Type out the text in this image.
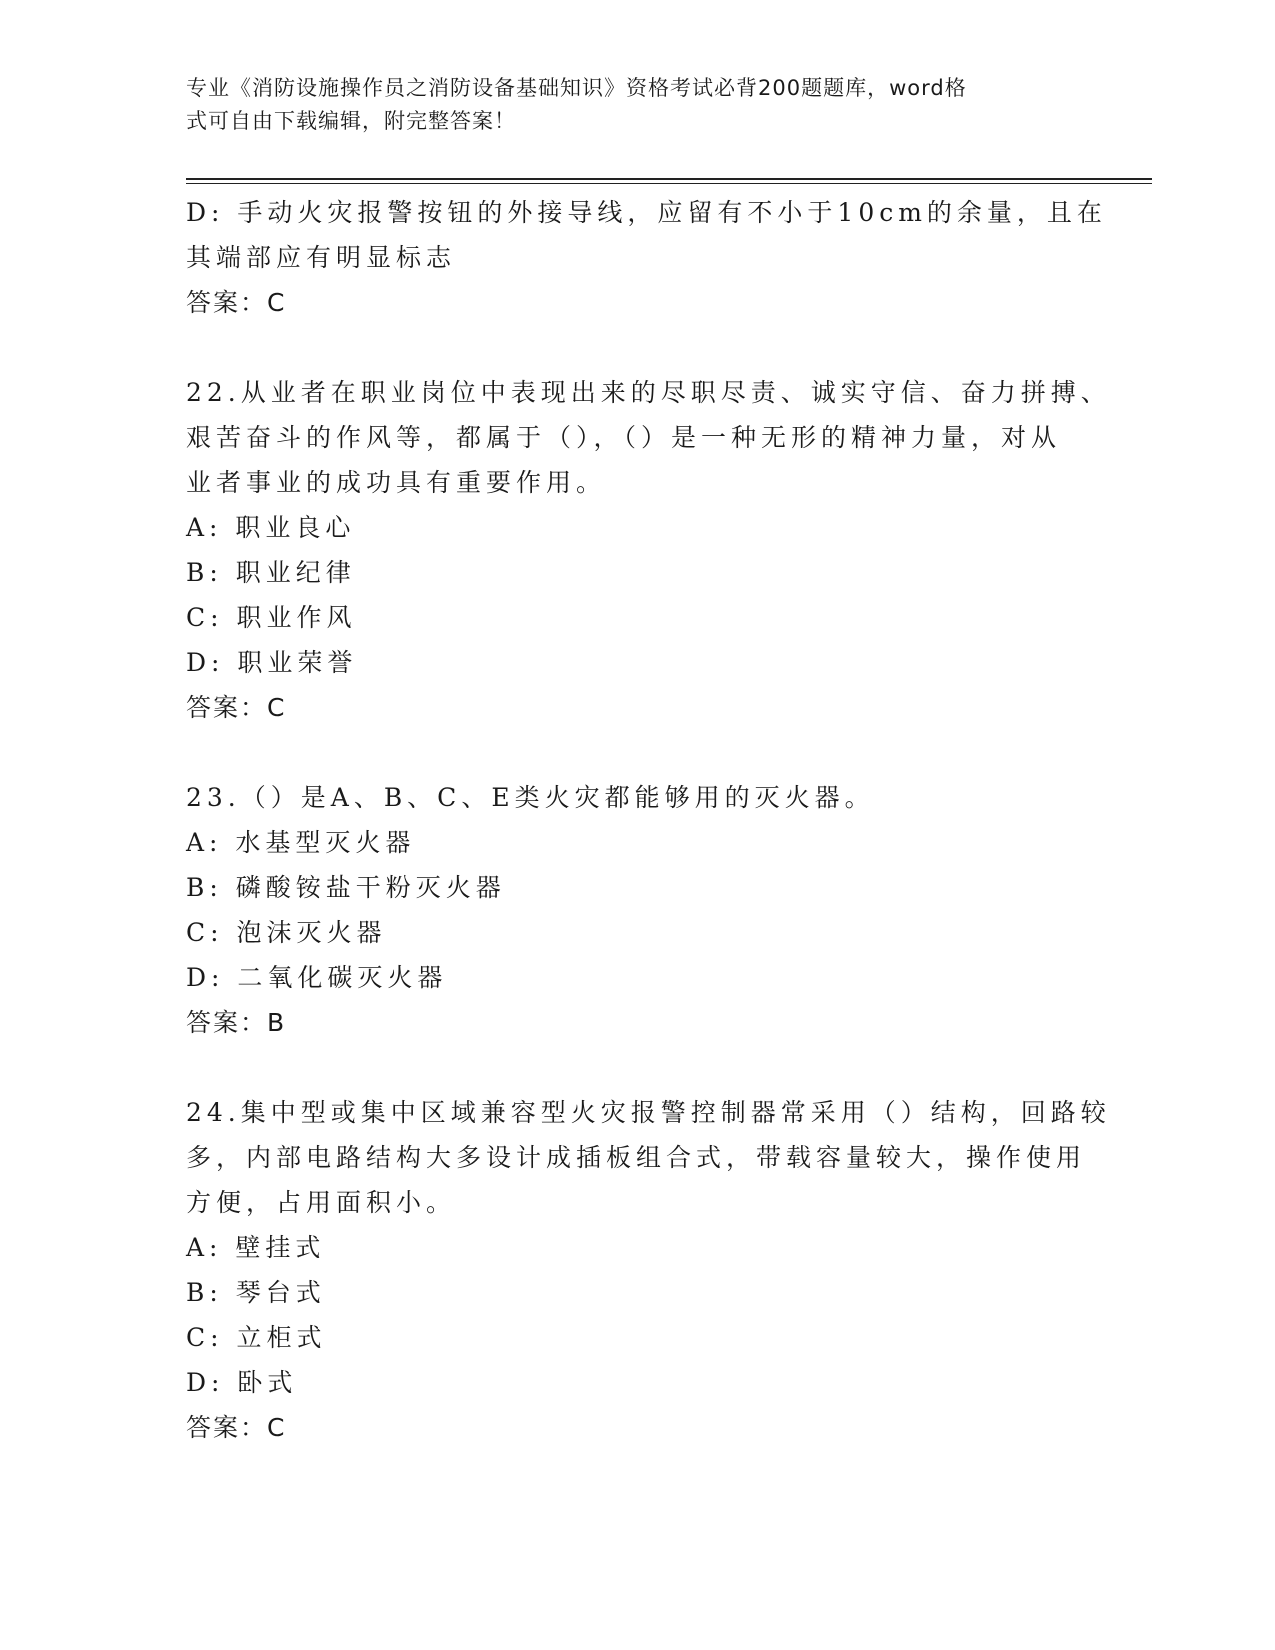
专业《消防设施操作员之消防设备基础知识》资格考试必背200题题库，word格
式可自由下载编辑，附完整答案！
D: 手动火灾报警按钮的外接导线，应留有不小于10cm的余量，且在
其端部应有明显标志
答案：C
22.从业者在职业岗位中表现出来的尽职尽责、诚实守信、奋力拼搏、
艰苦奋斗的作风等，都属于（），（）是一种无形的精神力量，对从
业者事业的成功具有重要作用。
A: 职业良心
B: 职业纪律
C: 职业作风
D: 职业荣誉
答案：C
23.（）是A、B、C、E类火灾都能够用的灭火器。
A: 水基型灭火器
B: 磷酸铵盐干粉灭火器
C: 泡沫灭火器
D: 二氧化碳灭火器
答案：B
24.集中型或集中区域兼容型火灾报警控制器常采用（）结构，回路较
多，内部电路结构大多设计成插板组合式，带载容量较大，操作使用
方便，占用面积小。
A: 壁挂式
B: 琴台式
C: 立柜式
D: 卧式
答案：C
